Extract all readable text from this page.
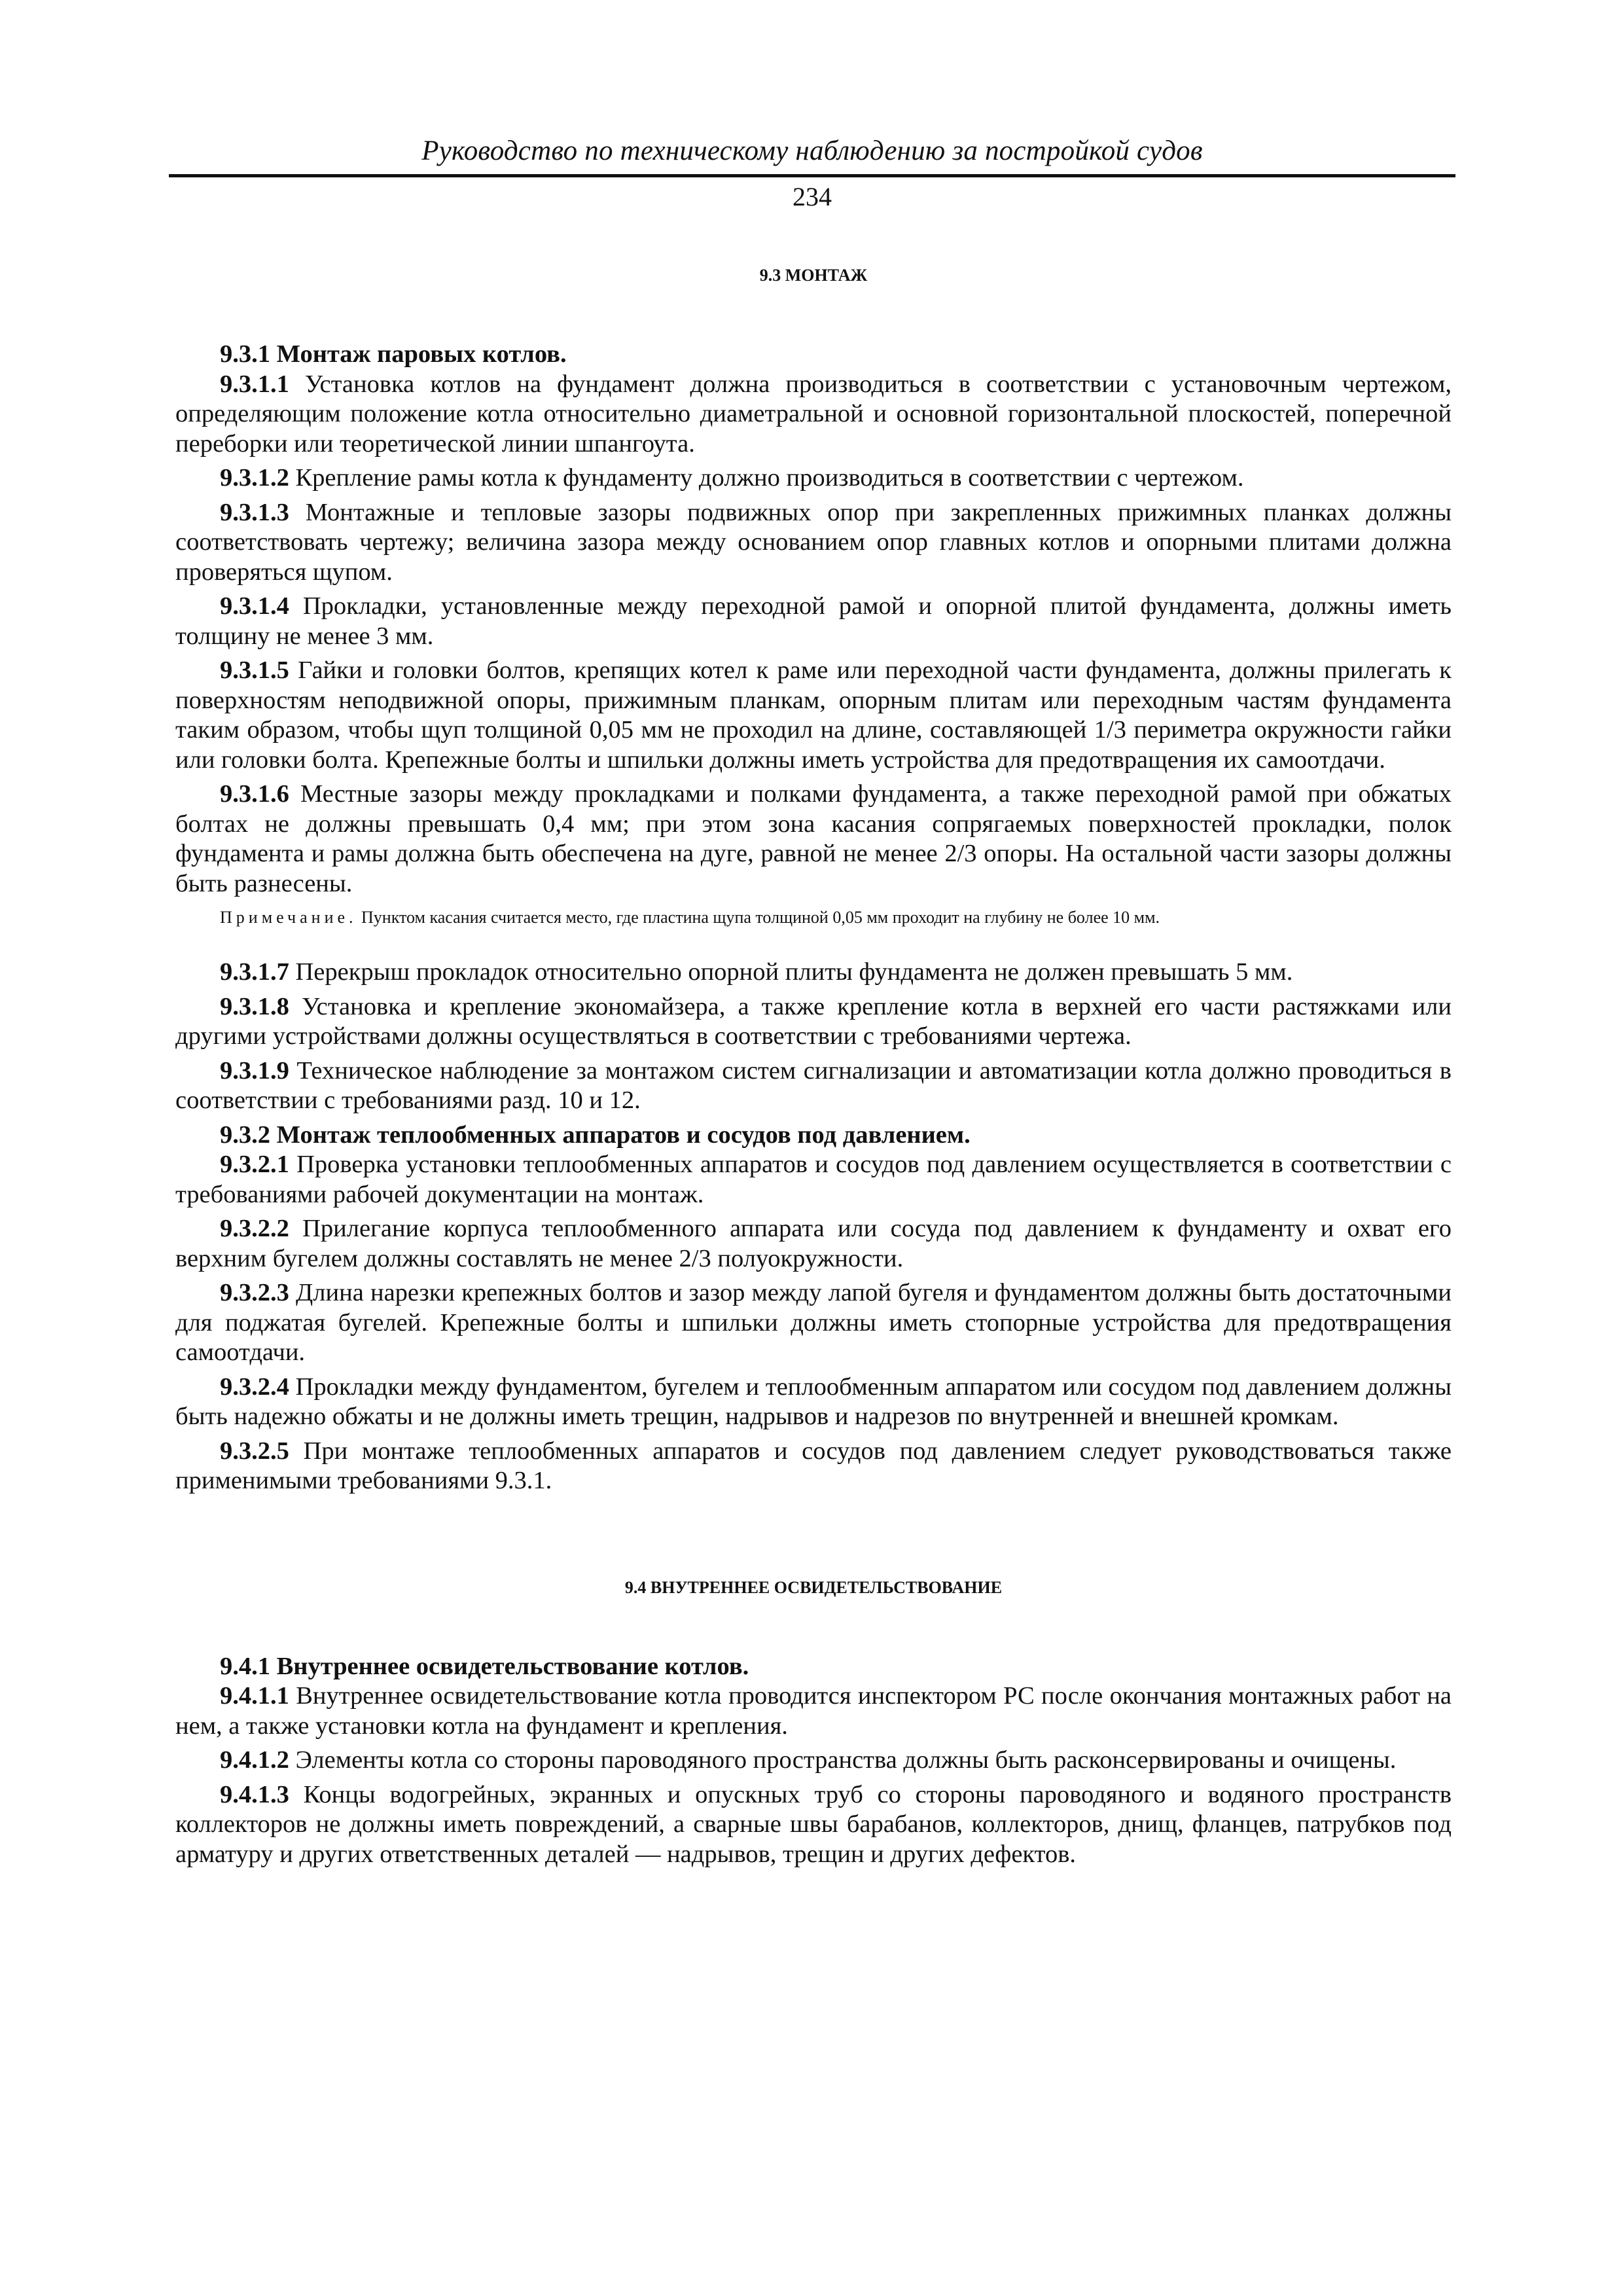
Руководство по техническому наблюдению за постройкой судов
234
9.3 МОНТАЖ

9.3.1 Монтаж паровых котлов.

9.3.1.1 Установка котлов на фундамент должна производиться в соответствии с установочным чертежом, определяющим положение котла относительно диаметральной и основной горизонтальной плоскостей, поперечной переборки или теоретической линии шпангоута.

9.3.1.2 Крепление рамы котла к фундаменту должно производиться в соответствии с чертежом.

9.3.1.3 Монтажные и тепловые зазоры подвижных опор при закрепленных прижимных планках должны соответствовать чертежу; величина зазора между основанием опор главных котлов и опорными плитами должна проверяться щупом.

9.3.1.4 Прокладки, установленные между переходной рамой и опорной плитой фундамента, должны иметь толщину не менее 3 мм.

9.3.1.5 Гайки и головки болтов, крепящих котел к раме или переходной части фундамента, должны прилегать к поверхностям неподвижной опоры, прижимным планкам, опорным плитам или переходным частям фундамента таким образом, чтобы щуп толщиной 0,05 мм не проходил на длине, составляющей 1/3 периметра окружности гайки или головки болта. Крепежные болты и шпильки должны иметь устройства для предотвращения их самоотдачи.

9.3.1.6 Местные зазоры между прокладками и полками фундамента, а также переходной рамой при обжатых болтах не должны превышать 0,4 мм; при этом зона касания сопрягаемых поверхностей прокладки, полок фундамента и рамы должна быть обеспечена на дуге, равной не менее 2/3 опоры. На остальной части зазоры должны быть разнесены.

Примечание. Пунктом касания считается место, где пластина щупа толщиной 0,05 мм проходит на глубину не более 10 мм.

9.3.1.7 Перекрыш прокладок относительно опорной плиты фундамента не должен превышать 5 мм.

9.3.1.8 Установка и крепление экономайзера, а также крепление котла в верхней его части растяжками или другими устройствами должны осуществляться в соответствии с требованиями чертежа.

9.3.1.9 Техническое наблюдение за монтажом систем сигнализации и автоматизации котла должно проводиться в соответствии с требованиями разд. 10 и 12.

9.3.2 Монтаж теплообменных аппаратов и сосудов под давлением.

9.3.2.1 Проверка установки теплообменных аппаратов и сосудов под давлением осуществляется в соответствии с требованиями рабочей документации на монтаж.

9.3.2.2 Прилегание корпуса теплообменного аппарата или сосуда под давлением к фундаменту и охват его верхним бугелем должны составлять не менее 2/3 полуокружности.

9.3.2.3 Длина нарезки крепежных болтов и зазор между лапой бугеля и фундаментом должны быть достаточными для поджатая бугелей. Крепежные болты и шпильки должны иметь стопорные устройства для предотвращения самоотдачи.

9.3.2.4 Прокладки между фундаментом, бугелем и теплообменным аппаратом или сосудом под давлением должны быть надежно обжаты и не должны иметь трещин, надрывов и надрезов по внутренней и внешней кромкам.

9.3.2.5 При монтаже теплообменных аппаратов и сосудов под давлением следует руководствоваться также применимыми требованиями 9.3.1.

9.4 ВНУТРЕННЕЕ ОСВИДЕТЕЛЬСТВОВАНИЕ

9.4.1 Внутреннее освидетельствование котлов.

9.4.1.1 Внутреннее освидетельствование котла проводится инспектором РС после окончания монтажных работ на нем, а также установки котла на фундамент и крепления.

9.4.1.2 Элементы котла со стороны пароводяного пространства должны быть расконсервированы и очищены.

9.4.1.3 Концы водогрейных, экранных и опускных труб со стороны пароводяного и водяного пространств коллекторов не должны иметь повреждений, а сварные швы барабанов, коллекторов, днищ, фланцев, патрубков под арматуру и других ответственных деталей — надрывов, трещин и других дефектов.
